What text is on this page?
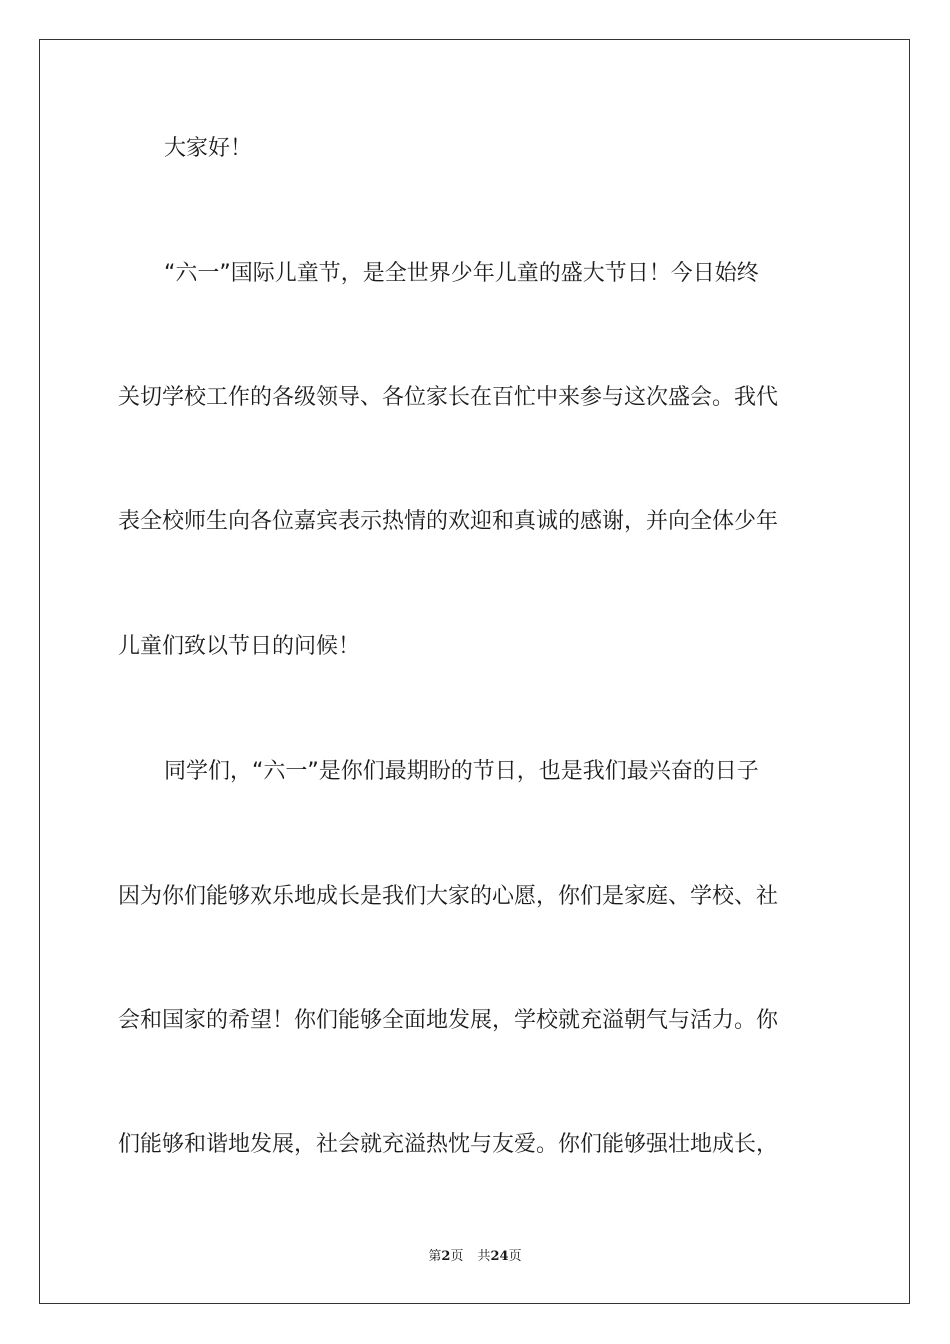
大家好！
“六一”国际儿童节，是全世界少年儿童的盛大节日！今日始终
关切学校工作的各级领导、各位家长在百忙中来参与这次盛会。我代
表全校师生向各位嘉宾表示热情的欢迎和真诚的感谢，并向全体少年
儿童们致以节日的问候！
同学们，“六一”是你们最期盼的节日，也是我们最兴奋的日子
因为你们能够欢乐地成长是我们大家的心愿，你们是家庭、学校、社
会和国家的希望！你们能够全面地发展，学校就充溢朝气与活力。你
们能够和谐地发展，社会就充溢热忱与友爱。你们能够强壮地成长，
第2页 共24页
